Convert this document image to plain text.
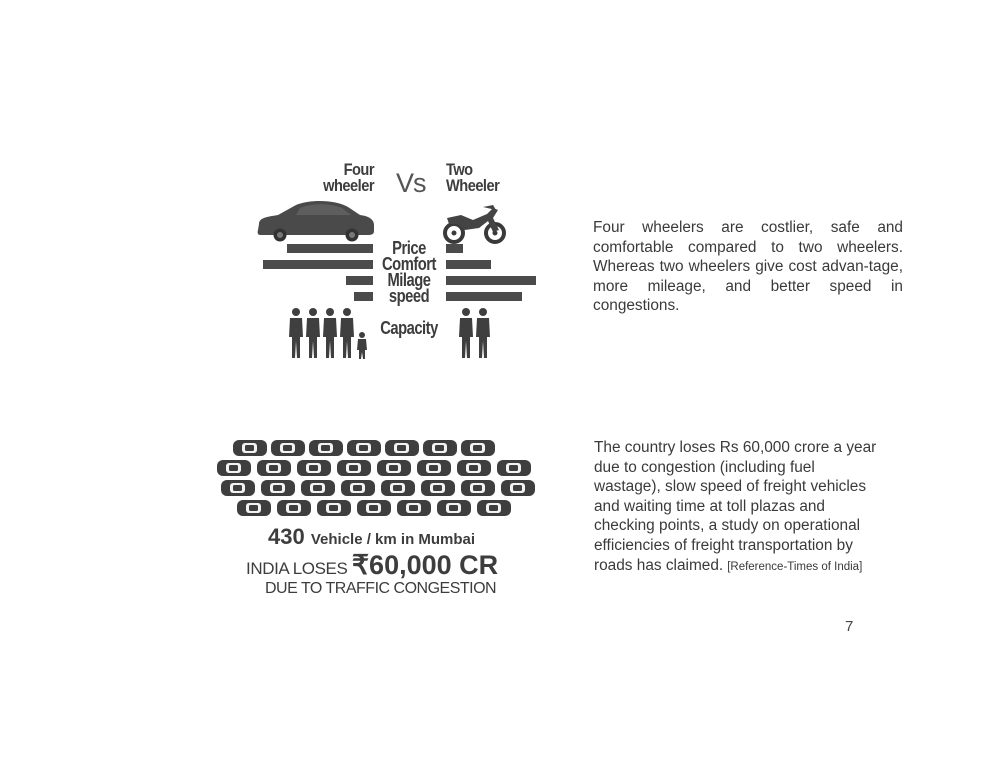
Four
wheeler Vs Two
Wheeler
Price
Comfort
Milage
speed
Capacity
Four wheelers are costlier, safe and comfortable compared to two wheelers. Whereas two wheelers give cost advan-tage, more mileage, and better speed in congestions.
430 Vehicle / km in Mumbai
INDIA LOSES ₹60,000 CR
DUE TO TRAFFIC CONGESTION
The country loses Rs 60,000 crore a year
due to congestion (including fuel
wastage), slow speed of freight vehicles
and waiting time at toll plazas and
checking points, a study on operational
efficiencies of freight transportation by
roads has claimed. [Reference-Times of India]
7
